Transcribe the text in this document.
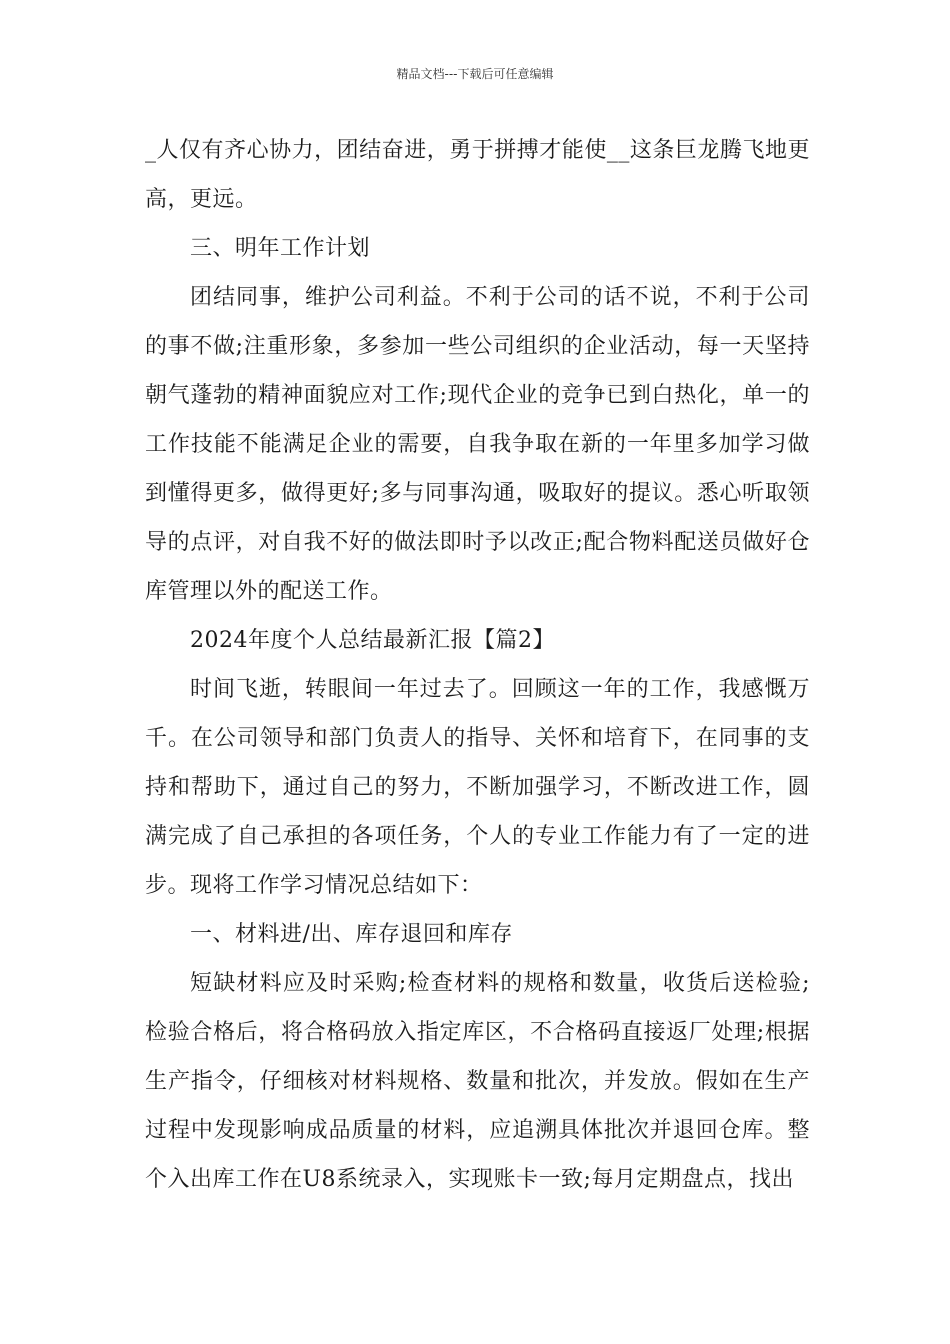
精品文档---下载后可任意编辑

_人仅有齐心协力，团结奋进，勇于拼搏才能使__这条巨龙腾飞地更高，更远。

三、明年工作计划

团结同事，维护公司利益。不利于公司的话不说，不利于公司的事不做;注重形象，多参加一些公司组织的企业活动，每一天坚持朝气蓬勃的精神面貌应对工作;现代企业的竞争已到白热化，单一的工作技能不能满足企业的需要，自我争取在新的一年里多加学习做到懂得更多，做得更好;多与同事沟通，吸取好的提议。悉心听取领导的点评，对自我不好的做法即时予以改正;配合物料配送员做好仓库管理以外的配送工作。

2024年度个人总结最新汇报【篇2】

时间飞逝，转眼间一年过去了。回顾这一年的工作，我感慨万千。在公司领导和部门负责人的指导、关怀和培育下，在同事的支持和帮助下，通过自己的努力，不断加强学习，不断改进工作，圆满完成了自己承担的各项任务，个人的专业工作能力有了一定的进步。现将工作学习情况总结如下：

一、材料进/出、库存退回和库存

短缺材料应及时采购;检查材料的规格和数量，收货后送检验;检验合格后，将合格码放入指定库区，不合格码直接返厂处理;根据生产指令，仔细核对材料规格、数量和批次，并发放。假如在生产过程中发现影响成品质量的材料，应追溯具体批次并退回仓库。整个入出库工作在U8系统录入，实现账卡一致;每月定期盘点，找出
